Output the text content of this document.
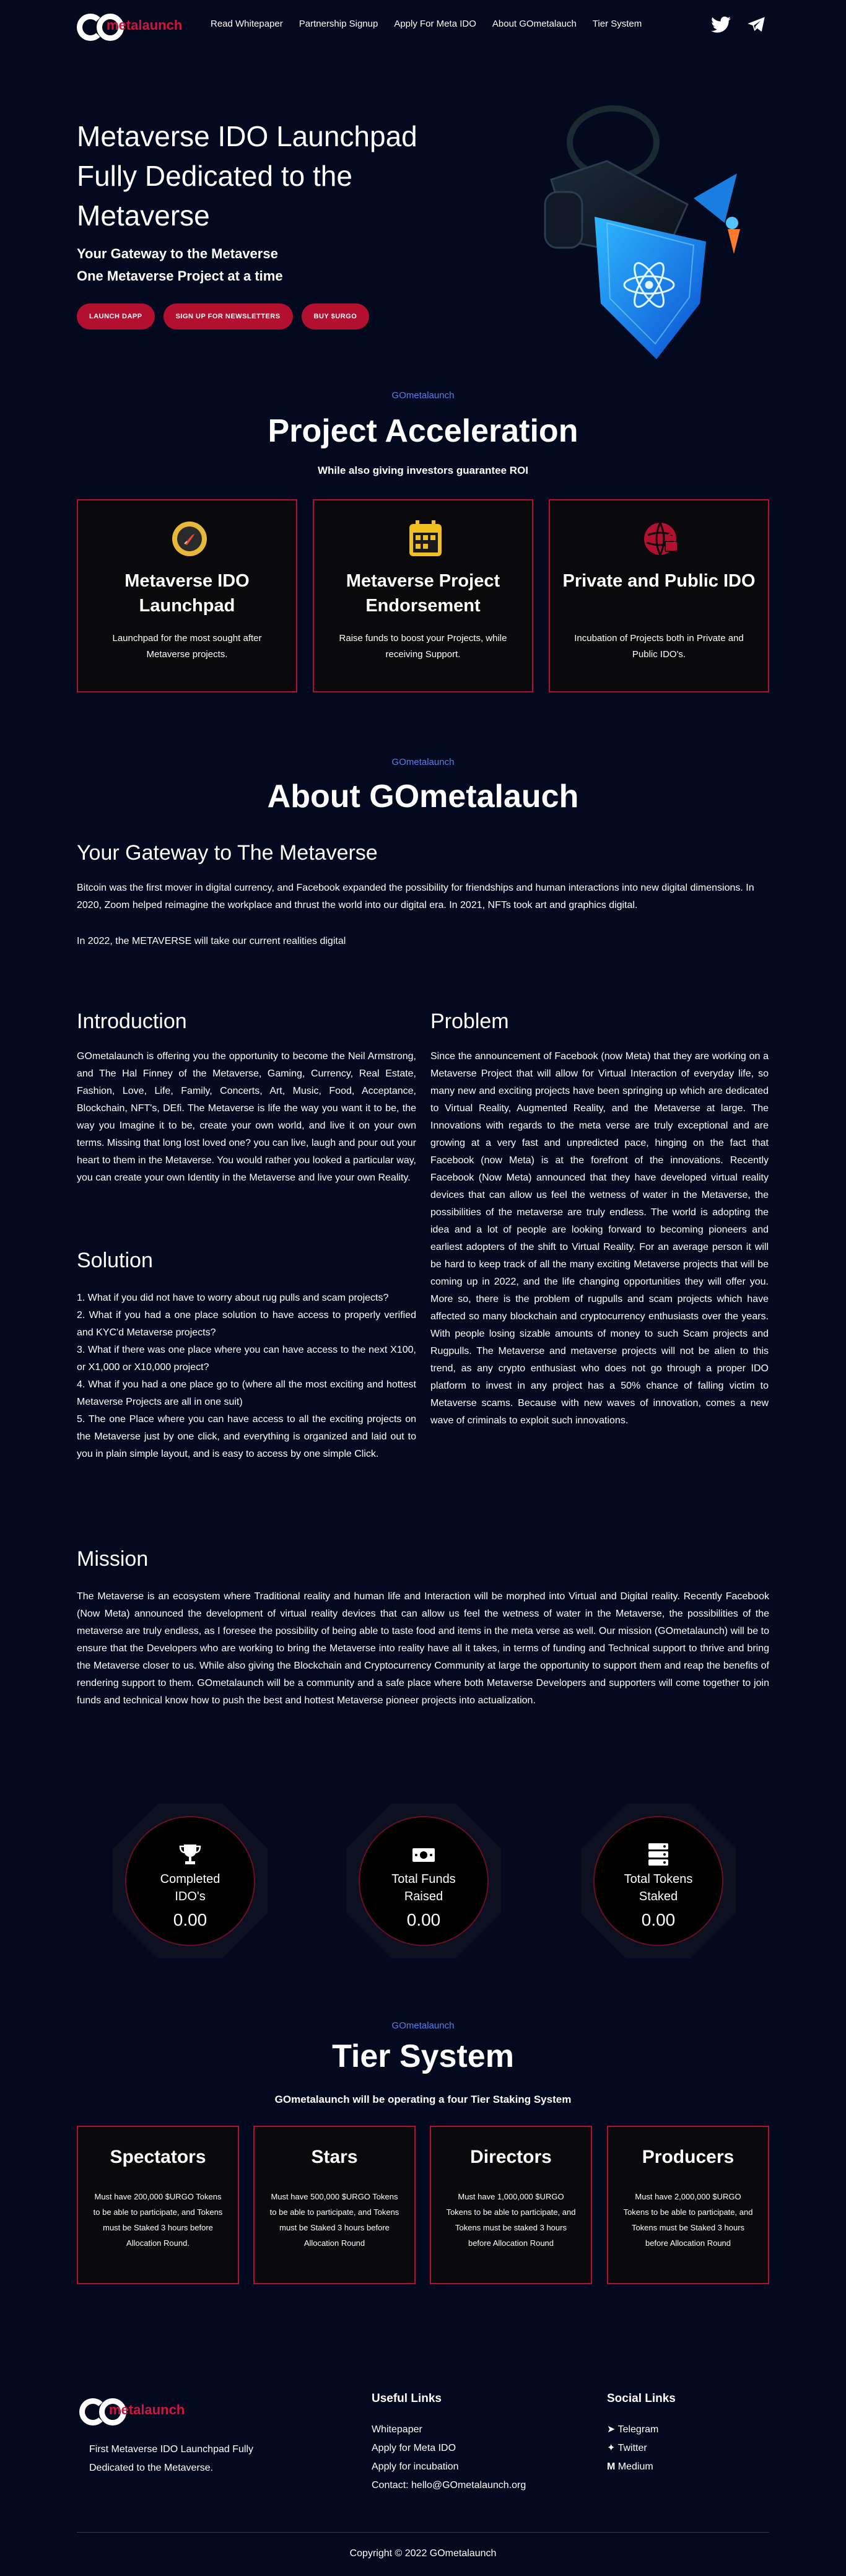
metalaunch	Read Whitepaper Partnership Signup Apply For Meta IDO About GOmetalauch Tier System
Metaverse IDO Launchpad Fully Dedicated to the Metaverse
Your Gateway to the Metaverse
One Metaverse Project at a time
LAUNCH DAPP	SIGN UP FOR NEWSLETTERS	BUY $URGO
GOmetalaunch
Project Acceleration
While also giving investors guarantee ROI
Metaverse IDO Launchpad

Launchpad for the most sought after Metaverse projects.

Metaverse Project Endorsement

Raise funds to boost your Projects, while receiving Support.

Private and Public IDO

Incubation of Projects both in Private and Public IDO's.

GOmetalaunch
About GOmetalauch
Your Gateway to The Metaverse

Bitcoin was the first mover in digital currency, and Facebook expanded the possibility for friendships and human interactions into new digital dimensions. In 2020, Zoom helped reimagine the workplace and thrust the world into our digital era. In 2021, NFTs took art and graphics digital.

In 2022, the METAVERSE will take our current realities digital

Introduction

GOmetalaunch is offering you the opportunity to become the Neil Armstrong, and The Hal Finney of the Metaverse, Gaming, Currency, Real Estate, Fashion, Love, Life, Family, Concerts, Art, Music, Food, Acceptance, Blockchain, NFT's, DEfi. The Metaverse is life the way you want it to be, the way you Imagine it to be, create your own world, and live it on your own terms. Missing that long lost loved one? you can live, laugh and pour out your heart to them in the Metaverse. You would rather you looked a particular way, you can create your own Identity in the Metaverse and live your own Reality.

Problem

Since the announcement of Facebook (now Meta) that they are working on a Metaverse Project that will allow for Virtual Interaction of everyday life, so many new and exciting projects have been springing up which are dedicated to Virtual Reality, Augmented Reality, and the Metaverse at large. The Innovations with regards to the meta verse are truly exceptional and are growing at a very fast and unpredicted pace, hinging on the fact that Facebook (now Meta) is at the forefront of the innovations. Recently Facebook (Now Meta) announced that they have developed virtual reality devices that can allow us feel the wetness of water in the Metaverse, the possibilities of the metaverse are truly endless. The world is adopting the idea and a lot of people are looking forward to becoming pioneers and earliest adopters of the shift to Virtual Reality. For an average person it will be hard to keep track of all the many exciting Metaverse projects that will be coming up in 2022, and the life changing opportunities they will offer you. More so, there is the problem of rugpulls and scam projects which have affected so many blockchain and cryptocurrency enthusiasts over the years. With people losing sizable amounts of money to such Scam projects and Rugpulls. The Metaverse and metaverse projects will not be alien to this trend, as any crypto enthusiast who does not go through a proper IDO platform to invest in any project has a 50% chance of falling victim to Metaverse scams. Because with new waves of innovation, comes a new wave of criminals to exploit such innovations.

Solution
1. What if you did not have to worry about rug pulls and scam projects?
2. What if you had a one place solution to have access to properly verified and KYC'd Metaverse projects?
3. What if there was one place where you can have access to the next X100, or X1,000 or X10,000 project?
4. What if you had a one place go to (where all the most exciting and hottest Metaverse Projects are all in one suit)
5. The one Place where you can have access to all the exciting projects on the Metaverse just by one click, and everything is organized and laid out to you in plain simple layout, and is easy to access by one simple Click.
Mission

The Metaverse is an ecosystem where Traditional reality and human life and Interaction will be morphed into Virtual and Digital reality. Recently Facebook (Now Meta) announced the development of virtual reality devices that can allow us feel the wetness of water in the Metaverse, the possibilities of the metaverse are truly endless, as I foresee the possibility of being able to taste food and items in the meta verse as well. Our mission (GOmetalaunch) will be to ensure that the Developers who are working to bring the Metaverse into reality have all it takes, in terms of funding and Technical support to thrive and bring the Metaverse closer to us. While also giving the Blockchain and Cryptocurrency Community at large the opportunity to support them and reap the benefits of rendering support to them. GOmetalaunch will be a community and a safe place where both Metaverse Developers and supporters will come together to join funds and technical know how to push the best and hottest Metaverse pioneer projects into actualization.

Completed
IDO's
0.00
Total Funds
Raised
0.00
Total Tokens
Staked
0.00
GOmetalaunch
Tier System
GOmetalaunch will be operating a four Tier Staking System
Spectators

Must have 200,000 $URGO Tokens to be able to participate, and Tokens must be Staked 3 hours before Allocation Round.

Stars

Must have 500,000 $URGO Tokens to be able to participate, and Tokens must be Staked 3 hours before Allocation Round

Directors

Must have 1,000,000 $URGO Tokens to be able to participate, and Tokens must be staked 3 hours before Allocation Round

Producers

Must have 2,000,000 $URGO Tokens to be able to participate, and Tokens must be Staked 3 hours before Allocation Round

metalaunch

First Metaverse IDO Launchpad Fully Dedicated to the Metaverse.

Useful Links
Whitepaper
Apply for Meta IDO
Apply for incubation
Contact: hello@GOmetalaunch.org
Social Links
➤ Telegram
✦ Twitter
M Medium
Copyright © 2022 GOmetalaunch
